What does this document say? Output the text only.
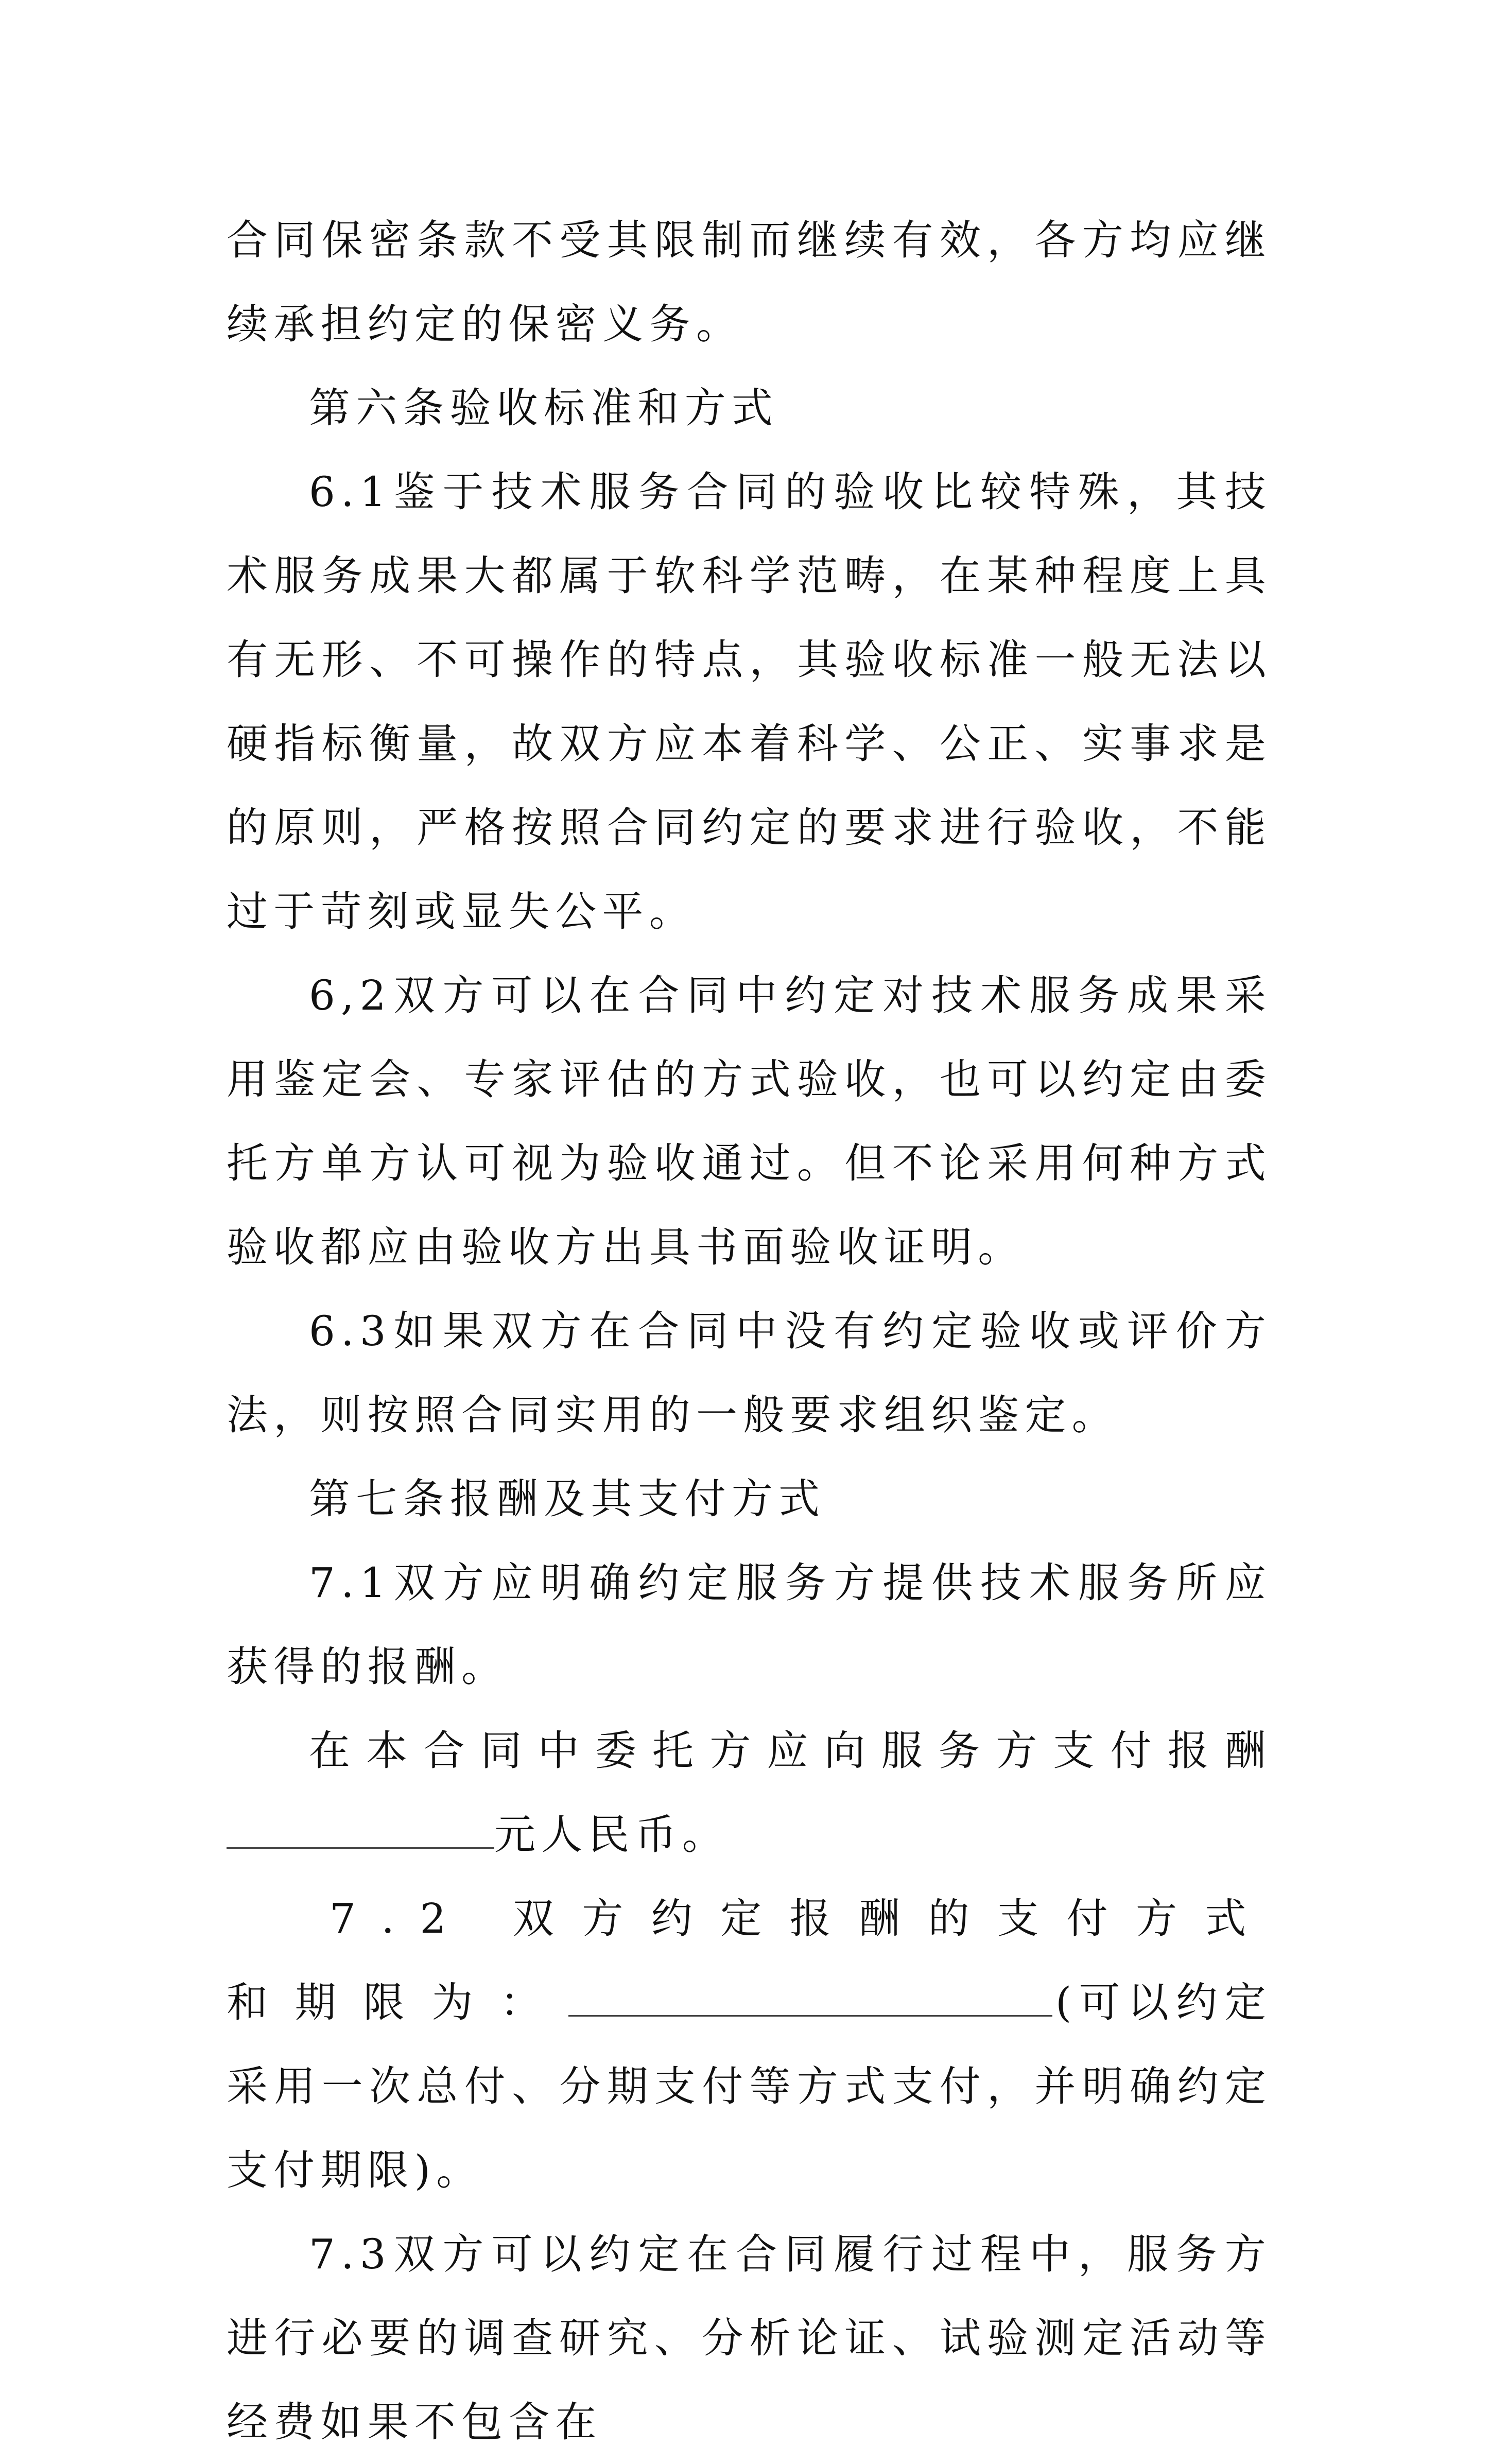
合同保密条款不受其限制而继续有效，各方均应继续承担约定的保密义务。

第六条验收标准和方式

6.1鉴于技术服务合同的验收比较特殊，其技术服务成果大都属于软科学范畴，在某种程度上具有无形、不可操作的特点，其验收标准一般无法以硬指标衡量，故双方应本着科学、公正、实事求是的原则，严格按照合同约定的要求进行验收，不能过于苛刻或显失公平。

6,2双方可以在合同中约定对技术服务成果采用鉴定会、专家评估的方式验收，也可以约定由委托方单方认可视为验收通过。但不论采用何种方式验收都应由验收方出具书面验收证明。

6.3如果双方在合同中没有约定验收或评价方法，则按照合同实用的一般要求组织鉴定。

第七条报酬及其支付方式

7.1双方应明确约定服务方提供技术服务所应获得的报酬。

在本合同中委托方应向服务方支付报酬元人民币。

7.2 双方约定报酬的支付方式和期限为：	(可以约定采用一次总付、分期支付等方式支付，并明确约定支付期限)。

7.3双方可以约定在合同履行过程中，服务方进行必要的调查研究、分析论证、试验测定活动等经费如果不包含在
